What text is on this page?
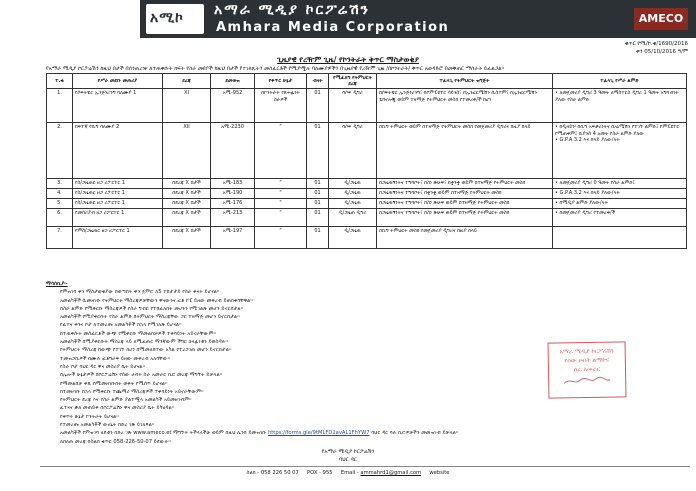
አሚኮ አማራ ሚዲያ ኮርፖሬሽን
Amhara Media Corporation
AMECO
ቁጥር የሚ/ኮ.ቁ/1690/2016
ቀን 05/10/2016 ዓ/ም
ጊዜያዊ የረዥም ጊዜ/ የኮንትራት ቅጥር ማስታወቂያ
የአማራ ሚዲያ ኮርፖሬሽን ከዚህ በታች በሰንጠረዡ ለተጠቀሱት ክፍት የስራ መደቦች ከዚህ በታች የተገለጹትን መስፈርቶች የሚያሟሉ ባለሙያዎችን በጊዜያዊ የረዥም ጊዜ /በኮንትራት/ ቅጥር አወዳድሮ በመቅጠር ማሰራት ይፈልጋል፡፡
ተ.ቁ	የሥራ መደቡ መጠሪያ	ደረጃ	ደመወዝ	የቅጥር ሁኔታ	ብዛት	የሚፈለግ የትምህርት ደረጃ	ተፈላጊ የትምህርት ዝግጅት	ተፈላጊ የሥራ ልምድ
1.	የሶፍትዌር ኢንጅነሪንግ ባለሙያ 1	XI	አሚ-952	በኮንትራት የጸሐፊነት ስራዎች	01	ባሶፍ ዲግሪ	በሶፍትዌር ኢንጅነሪንግ፣ በኮምፒዩተር ሳይንስ፣ በኢንፎርሜሽን ሲስተም፣ በኢንፎርሜሽን ቴክኖሎጂ ወይም ተዛማጅ የትምህርት መስክ የተመረቀ/ች ከሆነ	• ለመጀመሪያ ዲግሪ 3 ዓመት ለማስተርስ ዲግሪ 1 ዓመት አግባብነት ያለው የስራ ልምድ
2.	ከፍተኛ የቢግ ባለሙያ 2	XII	አሚ-2230	"	01	ባሶፍ ዲግሪ	በቢግ ትምህርት ወይም በተዛማጅ የትምህርት መስክ የመጀመሪያ ዲግሪና ከዚያ በላይ	• በዲዛይን፡ በቢግ አፍቃሪነትና በአኒሜሽን የተገኘ ልምድ፤ ኮምፒዩተር የሚጠቀም፤ ቢያንስ 4 አመት የስራ ልምድ ያለው
• G.P.A 3.2 እና በላይ ያለው/ላት
3.	የስ/ጋዜጠር ዘጋ ሪፖርተር 1	በደረጃ X በታች	አሚ-183	"	01	ዲ/ጋዜጠ	በጋዜጠኝነትና ተግባቦት፣ በስነ ጽሁፍ፣ በቋንቋ ወይም በተዛማጅ የትምህርት መስክ	• ለመጀመሪያ ዲግሪ 0 ዓመት የስራ ልምድ፤
4.	የስ/ጋዜጠር ዘጋ ሪፖርተር 1	በደረጃ X በታች	አሚ-190	"	01	ዲ/ጋዜጠ	በጋዜጠኝነትና ተግባቦት፣ በቋንቋ ወይም በተዛማጅ የትምህርት መስክ	• G.P.A 3.2 እና በላይ ያለው/ላት
5.	የስ/ጋዜጠር ዘጋ ሪፖርተር 1	በደረጃ X በታች	አሚ-176	"	01	ዲ/ጋዜጠ	በጋዜጠኝነትና ተግባቦት፣ በስነ ጽሁፍ ወይም በተዛማጅ የትምህርት መስክ	• በሚዲያ ልምድ ያለው/ላት
6.	የመሰሪያብ ዘጋ ሪፖርተር 1	በደረጃ X በታች	አሚ-213	"	01	ዲ/ጋዜጠ ዲግሪ	በጋዜጠኝነትና ተግባቦት፣ በስነ ጽሁፍ ወይም በተዛማጅ የትምህርት መስክ	• በመጀመሪያ ዲግሪ የተመረቀ/ች
7.	የምስ/ጋዜጠር ዘጋ ሪፖርተር 1	በደረጃ X በታች	አሚ-197	"	01	ዲ/ጋዜጠ	በቢግ ትምህርት መስክ የመጀመሪያ ዲግሪና ከዚያ በላይ	
ማሳሰቢያ፡-
• የምዝገባ ቀን ማስታወቂያው ከወጣበት ቀን ጀምሮ ለ5 ተከታታይ የስራ ቀናት ይሆናል፡፡
• አመልካቾች ሲመዘገቡ የትምህርት ማስረጃዎቻቸውን ዋናውንና ፎቶ ኮፒ ይዘው መቅረብ ይጠበቅባቸዋል፡፡
• በስራ ልምድ የሚቀርቡ ማስረጃዎች የስራ ግብር የተከፈለበት መሆኑን የሚገልጽ መሆን ይኖርበታል፡፡
• አመልካቾች የሚያቀርቡት የስራ ልምድ ከትምህርት ማስረጃቸው ጋር ተዛማጅ መሆን ይኖርበታል፡፡
• የፈተና ቀንና ቦታ ለተመረጡ አመልካቾች በኋላ የሚገለጽ ይሆናል፡፡
• ከተጠቀሱት መስፈርቶች ውጭ የሚቀርቡ ማመልከቻዎች ተቀባይነት አይኖራቸውም፡፡
• አመልካቾች በሚያቀርቡት ማስረጃ ላይ ለሚፈጠር ማንኛውም ችግር ኃላፊነቱን ይወስዳሉ፡፡
• የትምህርት ማስረጃ ከውጭ የተገኘ ከሆነ በሚመለከተው አካል የተረጋገጠ መሆን ይኖርበታል፡፡
• ተመዝጋቢዎች በሙሉ ፎቶግራፍ ይዘው መቅረብ አለባቸው፡፡
• የስራ ቦታ ባህር ዳር ዋና መስሪያ ቤት ይሆናል፡፡
• በሌሎች ሁኔታዎች በኮርፖሬሽኑ የሰው ሀብት ስራ አመራር ቢሮ መረጃ ማግኘት ይቻላል፡፡
• የማመልከቻ ቅጹ በሚመዘገቡበት ወቅት የሚሰጥ ይሆናል፡፡
• ከተመዘገቡ በኋላ የሚቀርቡ ተጨማሪ ማስረጃዎች ተቀባይነት አይኖራቸውም፡፡
• የትምህርት ደረጃ እና የስራ ልምድ ያልተሟላ አመልካች አይመዘገብም፡፡
• ፈተናና ቃለ መጠይቅ በኮርፖሬሽኑ ዋና መስሪያ ቤት ይካሄዳል፡፡
• የቅጥሩ ሁኔታ ኮንትራት ይሆናል፡፡
• የተመረጡ አመልካቾች ውጤት በድረ ገጽ ይገለጻል፡፡
• አመልካቾች የምዝገባ ሂደቱን በድረ ገጽ www.ameco.et ማግኘት ትችላላችሁ ወይም በዚህ ሊንክ ይመዝገቡ https://forms.gle/9tMLFD2avAL1FhYW7 ባህር ዳር ባሉ ቢሮዎቻችን መመዝገብ ይቻላል፡፡
• ለበለጠ መረጃ በስልክ ቁጥር 058-226-50-07 ይደውሉ፡፡
አማራ ሚዲያ ኮርፖሬሽን
የሰው ሀብት ልማትና
ስራ አመራር
የአማራ ሚዲያ ኮርፖሬሽን
ባህር ዳር
ስልክ - 058 226 50 07 POX - 955 Email - ammahrd1@gmail.com website
